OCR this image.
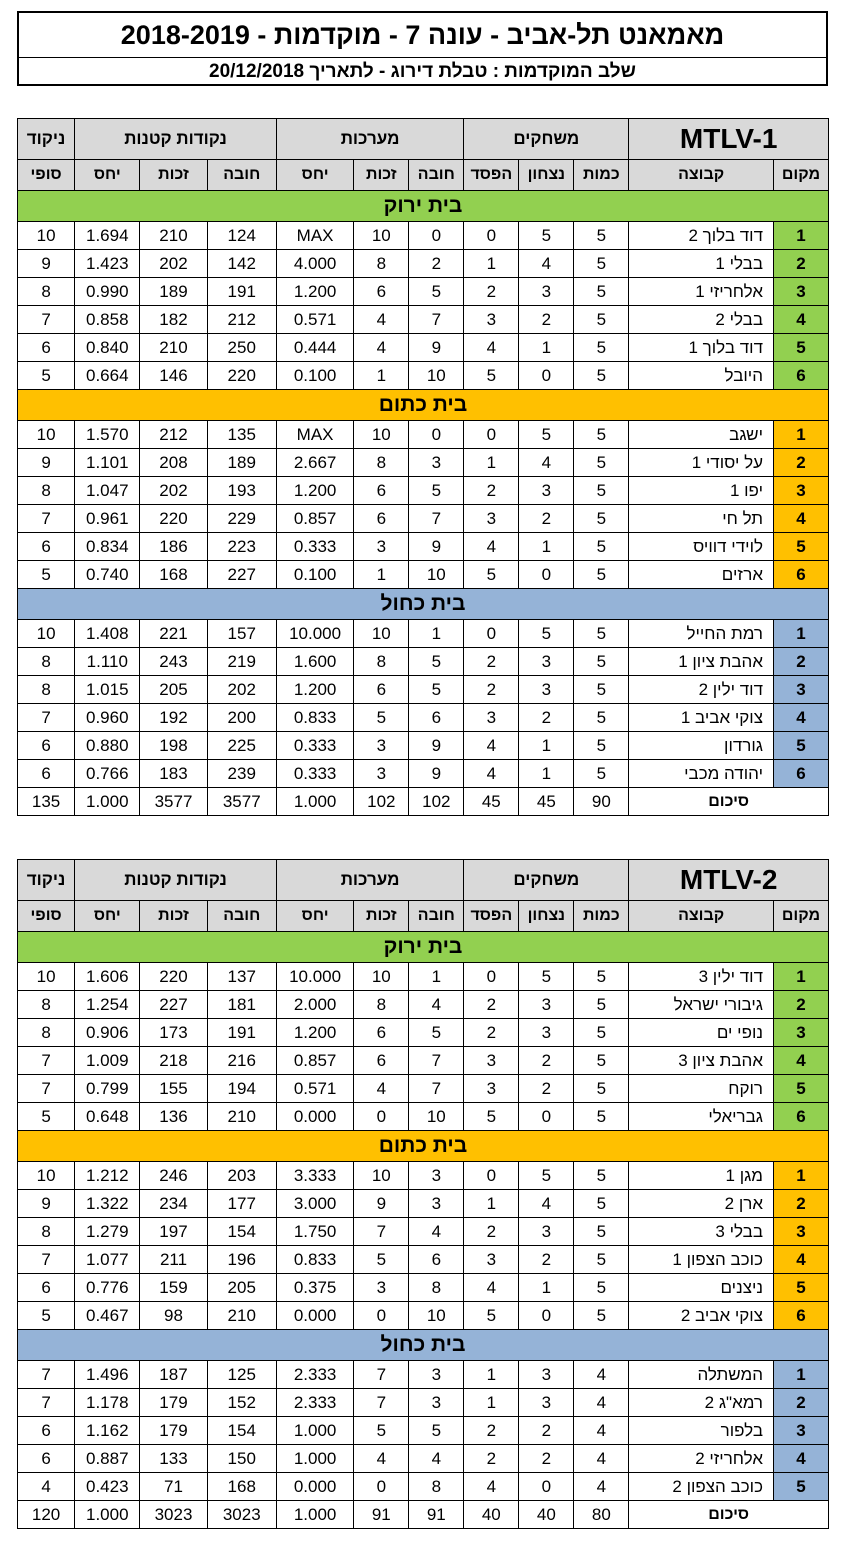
מאמאנט תל-אביב - עונה 7 - מוקדמות - 2018-2019
שלב המוקדמות : טבלת דירוג - לתאריך 20/12/2018
MTLV-1		משחקים			מערכות			נקודות קטנות			ניקוד
מקום	קבוצה	כמות	נצחון	הפסד	חובה	זכות	יחס	חובה	זכות	יחס	סופי
בית ירוק											
1	דוד בלוך 2	5	5	0	0	10	MAX	124	210	1.694	10
2	בבלי 1	5	4	1	2	8	4.000	142	202	1.423	9
3	אלחריזי 1	5	3	2	5	6	1.200	191	189	0.990	8
4	בבלי 2	5	2	3	7	4	0.571	212	182	0.858	7
5	דוד בלוך 1	5	1	4	9	4	0.444	250	210	0.840	6
6	היובל	5	0	5	10	1	0.100	220	146	0.664	5
בית כתום											
1	ישגב	5	5	0	0	10	MAX	135	212	1.570	10
2	על יסודי 1	5	4	1	3	8	2.667	189	208	1.101	9
3	יפו 1	5	3	2	5	6	1.200	193	202	1.047	8
4	תל חי	5	2	3	7	6	0.857	229	220	0.961	7
5	לוידי דוויס	5	1	4	9	3	0.333	223	186	0.834	6
6	ארזים	5	0	5	10	1	0.100	227	168	0.740	5
בית כחול											
1	רמת החייל	5	5	0	1	10	10.000	157	221	1.408	10
2	אהבת ציון 1	5	3	2	5	8	1.600	219	243	1.110	8
3	דוד ילין 2	5	3	2	5	6	1.200	202	205	1.015	8
4	צוקי אביב 1	5	2	3	6	5	0.833	200	192	0.960	7
5	גורדון	5	1	4	9	3	0.333	225	198	0.880	6
6	יהודה מכבי	5	1	4	9	3	0.333	239	183	0.766	6
סיכום		90	45	45	102	102	1.000	3577	3577	1.000	135
MTLV-2		משחקים			מערכות			נקודות קטנות			ניקוד
מקום	קבוצה	כמות	נצחון	הפסד	חובה	זכות	יחס	חובה	זכות	יחס	סופי
בית ירוק											
1	דוד ילין 3	5	5	0	1	10	10.000	137	220	1.606	10
2	גיבורי ישראל	5	3	2	4	8	2.000	181	227	1.254	8
3	נופי ים	5	3	2	5	6	1.200	191	173	0.906	8
4	אהבת ציון 3	5	2	3	7	6	0.857	216	218	1.009	7
5	רוקח	5	2	3	7	4	0.571	194	155	0.799	7
6	גבריאלי	5	0	5	10	0	0.000	210	136	0.648	5
בית כתום											
1	מגן 1	5	5	0	3	10	3.333	203	246	1.212	10
2	ארן 2	5	4	1	3	9	3.000	177	234	1.322	9
3	בבלי 3	5	3	2	4	7	1.750	154	197	1.279	8
4	כוכב הצפון 1	5	2	3	6	5	0.833	196	211	1.077	7
5	ניצנים	5	1	4	8	3	0.375	205	159	0.776	6
6	צוקי אביב 2	5	0	5	10	0	0.000	210	98	0.467	5
בית כחול											
1	המשתלה	4	3	1	3	7	2.333	125	187	1.496	7
2	רמא"ג 2	4	3	1	3	7	2.333	152	179	1.178	7
3	בלפור	4	2	2	5	5	1.000	154	179	1.162	6
4	אלחריזי 2	4	2	2	4	4	1.000	150	133	0.887	6
5	כוכב הצפון 2	4	0	4	8	0	0.000	168	71	0.423	4
סיכום		80	40	40	91	91	1.000	3023	3023	1.000	120
